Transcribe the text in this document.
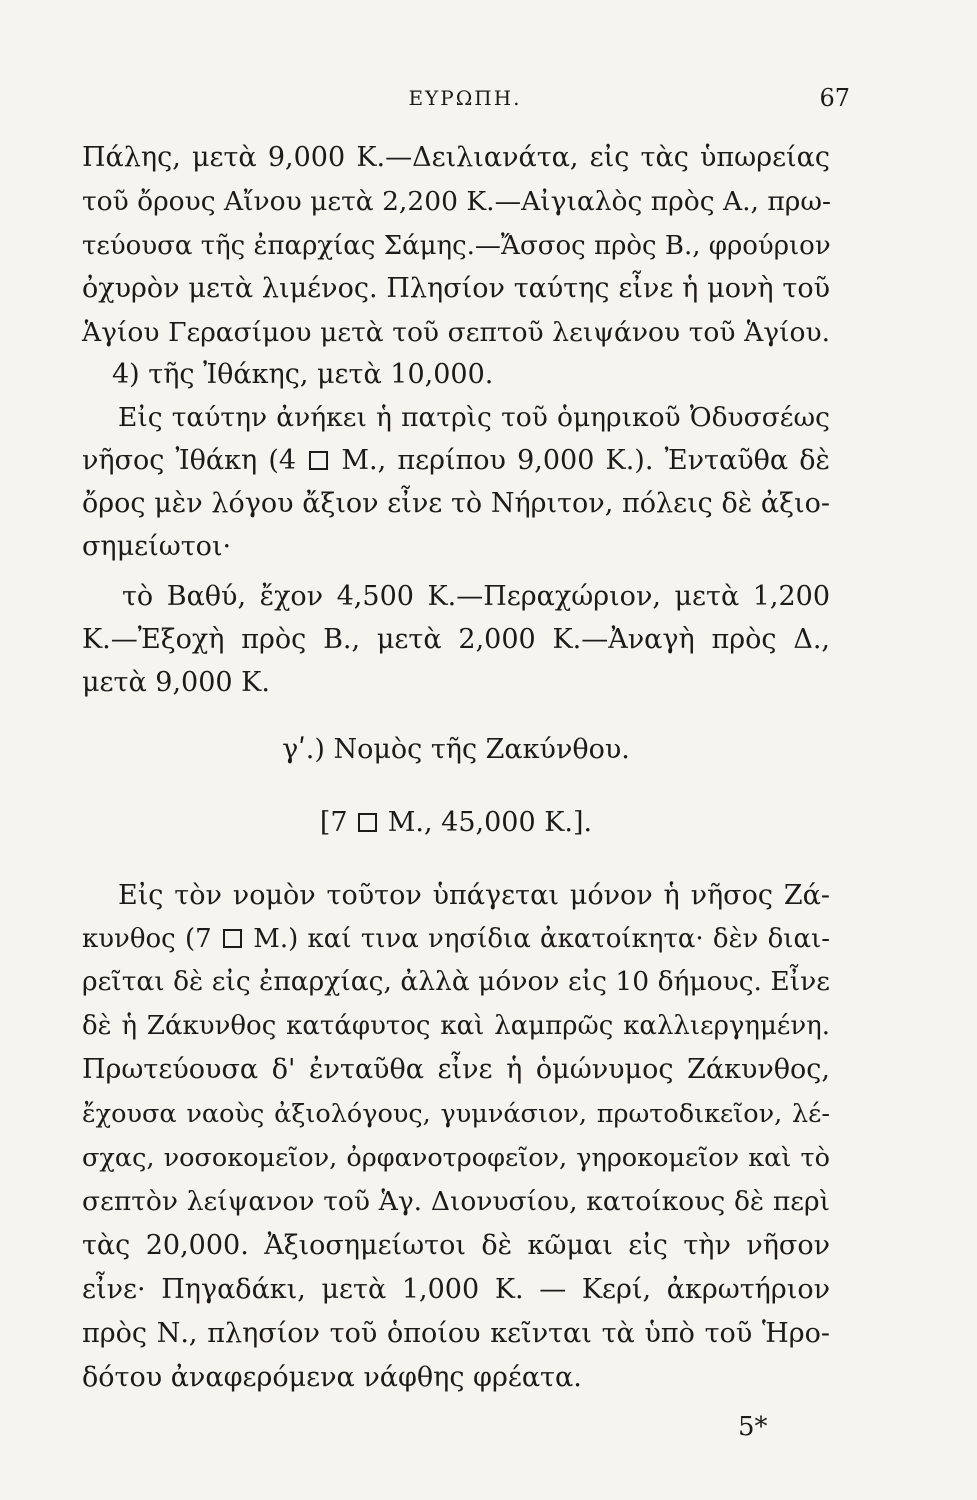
ΕΥΡΩΠΗ.	67
Πάλης, μετὰ 9,000 Κ.—Δειλιανάτα, εἰς τὰς ὑπωρείας
τοῦ ὄρους Αἴνου μετὰ 2,200 Κ.—Αἰγιαλὸς πρὸς Α., πρω-
τεύουσα τῆς ἐπαρχίας Σάμης.—Ἄσσος πρὸς Β., φρούριον
ὀχυρὸν μετὰ λιμένος. Πλησίον ταύτης εἶνε ἡ μονὴ τοῦ
Ἁγίου Γερασίμου μετὰ τοῦ σεπτοῦ λειψάνου τοῦ Ἁγίου.
4) τῆς Ἰθάκης, μετὰ 10,000.
Εἰς ταύτην ἀνήκει ἡ πατρὶς τοῦ ὁμηρικοῦ Ὀδυσσέως
νῆσος Ἰθάκη (4  Μ., περίπου 9,000 Κ.). Ἐνταῦθα δὲ
ὄρος μὲν λόγου ἄξιον εἶνε τὸ Νήριτον, πόλεις δὲ ἀξιο-
σημείωτοι·
τὸ Βαθύ, ἔχον 4,500 Κ.—Περαχώριον, μετὰ 1,200
Κ.—Ἐξοχὴ πρὸς Β., μετὰ 2,000 Κ.—Ἀναγὴ πρὸς Δ.,
μετὰ 9,000 Κ.
γʹ.) Νομὸς τῆς Ζακύνθου.
[7  Μ., 45,000 Κ.].
Εἰς τὸν νομὸν τοῦτον ὑπάγεται μόνον ἡ νῆσος Ζά-
κυνθος (7  Μ.) καί τινα νησίδια ἀκατοίκητα· δὲν διαι-
ρεῖται δὲ εἰς ἐπαρχίας, ἀλλὰ μόνον εἰς 10 δήμους. Εἶνε
δὲ ἡ Ζάκυνθος κατάφυτος καὶ λαμπρῶς καλλιεργημένη.
Πρωτεύουσα δ' ἐνταῦθα εἶνε ἡ ὁμώνυμος Ζάκυνθος,
ἔχουσα ναοὺς ἀξιολόγους, γυμνάσιον, πρωτοδικεῖον, λέ-
σχας, νοσοκομεῖον, ὀρφανοτροφεῖον, γηροκομεῖον καὶ τὸ
σεπτὸν λείψανον τοῦ Ἁγ. Διονυσίου, κατοίκους δὲ περὶ
τὰς 20,000. Ἀξιοσημείωτοι δὲ κῶμαι εἰς τὴν νῆσον
εἶνε· Πηγαδάκι, μετὰ 1,000 Κ. — Κερί, ἀκρωτήριον
πρὸς Ν., πλησίον τοῦ ὁποίου κεῖνται τὰ ὑπὸ τοῦ Ἡρο-
δότου ἀναφερόμενα νάφθης φρέατα.
5*
